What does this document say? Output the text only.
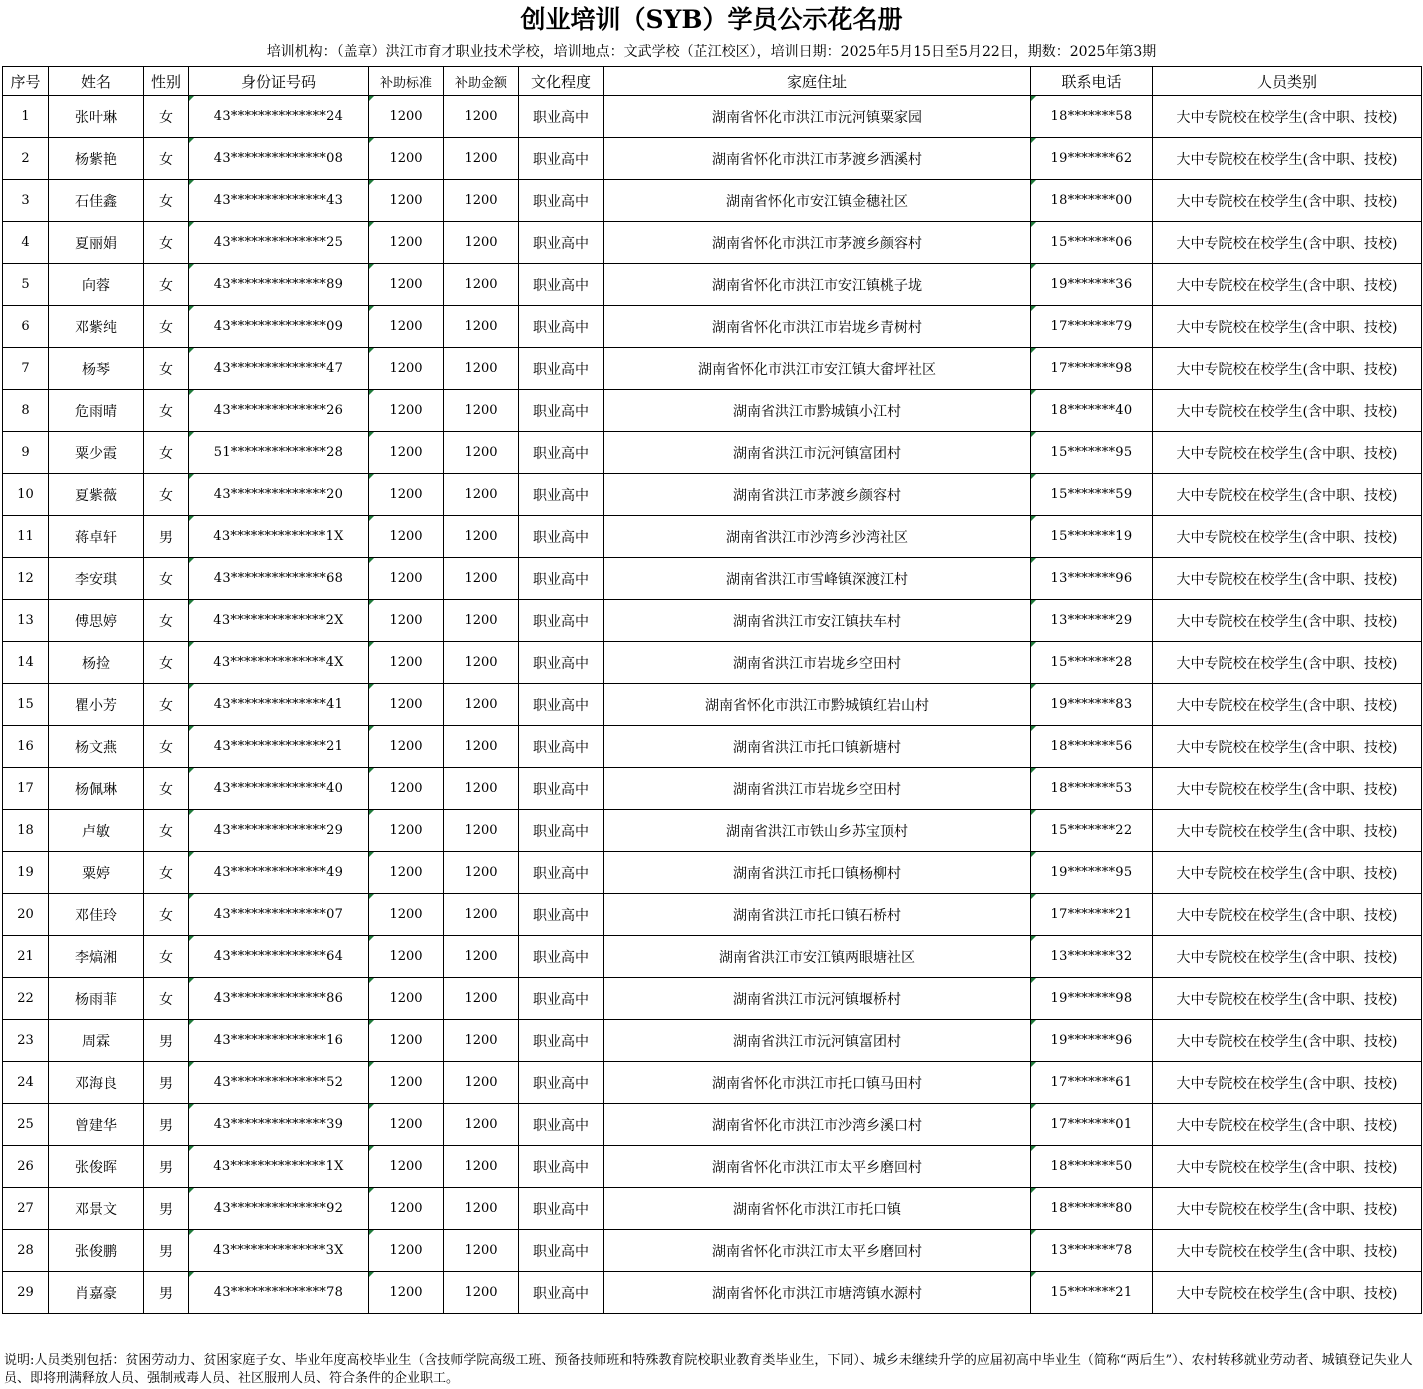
创业培训（SYB）学员公示花名册
培训机构：（盖章）洪江市育才职业技术学校，培训地点：文武学校（芷江校区），培训日期：2025年5月15日至5月22日，期数：2025年第3期
序号	姓名	性别	身份证号码	补助标准	补助金额	文化程度	家庭住址	联系电话	人员类别
1	张叶琳	女	43**************24	1200	1200	职业高中	湖南省怀化市洪江市沅河镇粟家园	18*******58	大中专院校在校学生(含中职、技校)
2	杨紫艳	女	43**************08	1200	1200	职业高中	湖南省怀化市洪江市茅渡乡洒溪村	19*******62	大中专院校在校学生(含中职、技校)
3	石佳鑫	女	43**************43	1200	1200	职业高中	湖南省怀化市安江镇金穗社区	18*******00	大中专院校在校学生(含中职、技校)
4	夏丽娟	女	43**************25	1200	1200	职业高中	湖南省怀化市洪江市茅渡乡颜容村	15*******06	大中专院校在校学生(含中职、技校)
5	向蓉	女	43**************89	1200	1200	职业高中	湖南省怀化市洪江市安江镇桃子垅	19*******36	大中专院校在校学生(含中职、技校)
6	邓紫纯	女	43**************09	1200	1200	职业高中	湖南省怀化市洪江市岩垅乡青树村	17*******79	大中专院校在校学生(含中职、技校)
7	杨琴	女	43**************47	1200	1200	职业高中	湖南省怀化市洪江市安江镇大畲坪社区	17*******98	大中专院校在校学生(含中职、技校)
8	危雨晴	女	43**************26	1200	1200	职业高中	湖南省洪江市黔城镇小江村	18*******40	大中专院校在校学生(含中职、技校)
9	粟少霞	女	51**************28	1200	1200	职业高中	湖南省洪江市沅河镇富团村	15*******95	大中专院校在校学生(含中职、技校)
10	夏紫薇	女	43**************20	1200	1200	职业高中	湖南省洪江市茅渡乡颜容村	15*******59	大中专院校在校学生(含中职、技校)
11	蒋卓轩	男	43**************1X	1200	1200	职业高中	湖南省洪江市沙湾乡沙湾社区	15*******19	大中专院校在校学生(含中职、技校)
12	李安琪	女	43**************68	1200	1200	职业高中	湖南省洪江市雪峰镇深渡江村	13*******96	大中专院校在校学生(含中职、技校)
13	傅思婷	女	43**************2X	1200	1200	职业高中	湖南省洪江市安江镇扶车村	13*******29	大中专院校在校学生(含中职、技校)
14	杨捡	女	43**************4X	1200	1200	职业高中	湖南省洪江市岩垅乡空田村	15*******28	大中专院校在校学生(含中职、技校)
15	瞿小芳	女	43**************41	1200	1200	职业高中	湖南省怀化市洪江市黔城镇红岩山村	19*******83	大中专院校在校学生(含中职、技校)
16	杨文燕	女	43**************21	1200	1200	职业高中	湖南省洪江市托口镇新塘村	18*******56	大中专院校在校学生(含中职、技校)
17	杨佩琳	女	43**************40	1200	1200	职业高中	湖南省洪江市岩垅乡空田村	18*******53	大中专院校在校学生(含中职、技校)
18	卢敏	女	43**************29	1200	1200	职业高中	湖南省洪江市铁山乡苏宝顶村	15*******22	大中专院校在校学生(含中职、技校)
19	粟婷	女	43**************49	1200	1200	职业高中	湖南省洪江市托口镇杨柳村	19*******95	大中专院校在校学生(含中职、技校)
20	邓佳玲	女	43**************07	1200	1200	职业高中	湖南省洪江市托口镇石桥村	17*******21	大中专院校在校学生(含中职、技校)
21	李熇湘	女	43**************64	1200	1200	职业高中	湖南省洪江市安江镇两眼塘社区	13*******32	大中专院校在校学生(含中职、技校)
22	杨雨菲	女	43**************86	1200	1200	职业高中	湖南省洪江市沅河镇堰桥村	19*******98	大中专院校在校学生(含中职、技校)
23	周霖	男	43**************16	1200	1200	职业高中	湖南省洪江市沅河镇富团村	19*******96	大中专院校在校学生(含中职、技校)
24	邓海良	男	43**************52	1200	1200	职业高中	湖南省怀化市洪江市托口镇马田村	17*******61	大中专院校在校学生(含中职、技校)
25	曾建华	男	43**************39	1200	1200	职业高中	湖南省怀化市洪江市沙湾乡溪口村	17*******01	大中专院校在校学生(含中职、技校)
26	张俊晖	男	43**************1X	1200	1200	职业高中	湖南省怀化市洪江市太平乡磨回村	18*******50	大中专院校在校学生(含中职、技校)
27	邓景文	男	43**************92	1200	1200	职业高中	湖南省怀化市洪江市托口镇	18*******80	大中专院校在校学生(含中职、技校)
28	张俊鹏	男	43**************3X	1200	1200	职业高中	湖南省怀化市洪江市太平乡磨回村	13*******78	大中专院校在校学生(含中职、技校)
29	肖嘉豪	男	43**************78	1200	1200	职业高中	湖南省怀化市洪江市塘湾镇水源村	15*******21	大中专院校在校学生(含中职、技校)
说明:人员类别包括：贫困劳动力、贫困家庭子女、毕业年度高校毕业生（含技师学院高级工班、预备技师班和特殊教育院校职业教育类毕业生，下同）、城乡未继续升学的应届初高中毕业生（简称“两后生”）、农村转移就业劳动者、城镇登记失业人员、即将刑满释放人员、强制戒毒人员、社区服刑人员、符合条件的企业职工。
